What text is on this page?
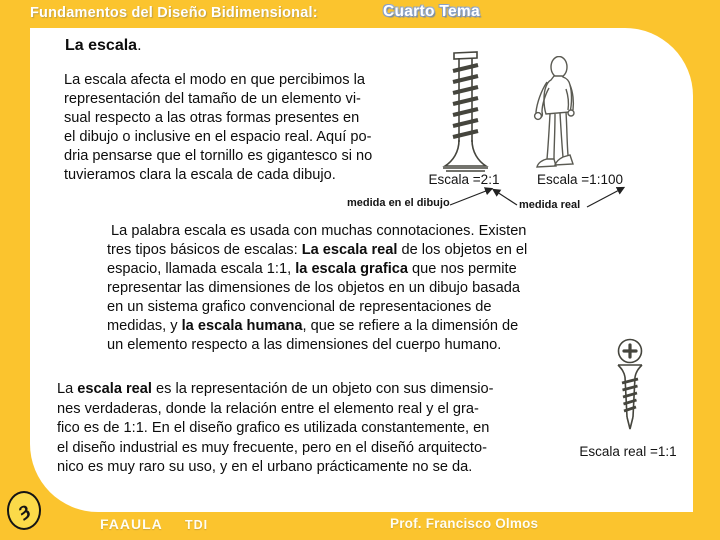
Fundamentos del Diseño Bidimensional:	Cuarto Tema
La escala.
La escala afecta el modo en que percibimos la
representación del tamaño de un elemento vi-
sual respecto a las otras formas presentes en
el dibujo o inclusive en el espacio real. Aquí po-
dria pensarse que el tornillo es gigantesco si no
tuvieramos clara la escala de cada dibujo.	Escala =2:1	Escala =1:100
medida en el dibujo	medida real
La palabra escala es usada con muchas connotaciones. Existen
tres tipos básicos de escalas: La escala real de los objetos en el
espacio, llamada escala 1:1, la escala grafica que nos permite
representar las dimensiones de los objetos en un dibujo basada
en un sistema grafico convencional de representaciones de
medidas, y la escala humana, que se refiere a la dimensión de
un elemento respecto a las dimensiones del cuerpo humano.
La escala real es la representación de un objeto con sus dimensio-
nes verdaderas, donde la relación entre el elemento real y el gra-
fico es de 1:1. En el diseño grafico es utilizada constantemente, en
el diseño industrial es muy frecuente, pero en el diseñó arquitecto-
nico es muy raro su uso, y en el urbano prácticamente no se da.
Escala real =1:1
ȝ
FAAULA TDI	Prof. Francisco Olmos
